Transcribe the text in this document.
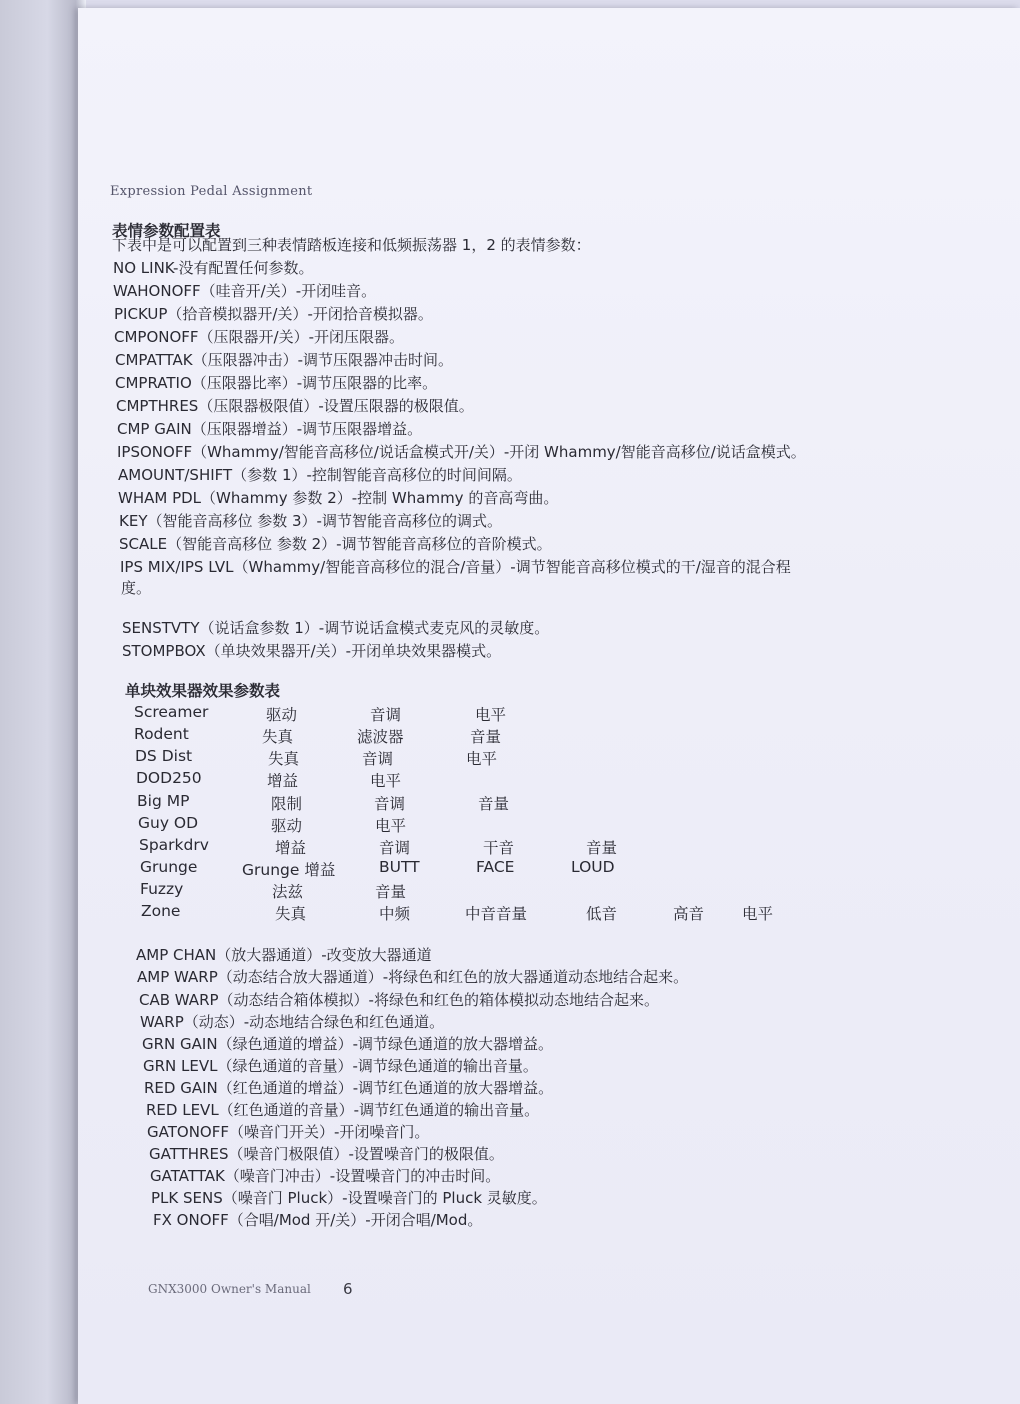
Expression Pedal Assignment
表情参数配置表
下表中是可以配置到三种表情踏板连接和低频振荡器 1，2 的表情参数：
NO LINK-没有配置任何参数。
WAHONOFF（哇音开/关）-开闭哇音。
PICKUP（拾音模拟器开/关）-开闭拾音模拟器。
CMPONOFF（压限器开/关）-开闭压限器。
CMPATTAK（压限器冲击）-调节压限器冲击时间。
CMPRATIO（压限器比率）-调节压限器的比率。
CMPTHRES（压限器极限值）-设置压限器的极限值。
CMP GAIN（压限器增益）-调节压限器增益。
IPSONOFF（Whammy/智能音高移位/说话盒模式开/关）-开闭 Whammy/智能音高移位/说话盒模式。
AMOUNT/SHIFT（参数 1）-控制智能音高移位的时间间隔。
WHAM PDL（Whammy 参数 2）-控制 Whammy 的音高弯曲。
KEY（智能音高移位 参数 3）-调节智能音高移位的调式。
SCALE（智能音高移位 参数 2）-调节智能音高移位的音阶模式。
IPS MIX/IPS LVL（Whammy/智能音高移位的混合/音量）-调节智能音高移位模式的干/湿音的混合程
度。
SENSTVTY（说话盒参数 1）-调节说话盒模式麦克风的灵敏度。
STOMPBOX（单块效果器开/关）-开闭单块效果器模式。
单块效果器效果参数表
Screamer	驱动	音调	电平
Rodent	失真	滤波器	音量
DS Dist	失真	音调	电平
DOD250	增益	电平
Big MP	限制	音调	音量
Guy OD	驱动	电平
Sparkdrv	增益	音调	干音	音量
Grunge	Grunge 增益	BUTT	FACE	LOUD
Fuzzy	法兹	音量
Zone	失真	中频	中音音量	低音	高音 电平
AMP CHAN（放大器通道）-改变放大器通道
AMP WARP（动态结合放大器通道）-将绿色和红色的放大器通道动态地结合起来。
CAB WARP（动态结合箱体模拟）-将绿色和红色的箱体模拟动态地结合起来。
WARP（动态）-动态地结合绿色和红色通道。
GRN GAIN（绿色通道的增益）-调节绿色通道的放大器增益。
GRN LEVL（绿色通道的音量）-调节绿色通道的输出音量。
RED GAIN（红色通道的增益）-调节红色通道的放大器增益。
RED LEVL（红色通道的音量）-调节红色通道的输出音量。
GATONOFF（噪音门开关）-开闭噪音门。
GATTHRES（噪音门极限值）-设置噪音门的极限值。
GATATTAK（噪音门冲击）-设置噪音门的冲击时间。
PLK SENS（噪音门 Pluck）-设置噪音门的 Pluck 灵敏度。
FX ONOFF（合唱/Mod 开/关）-开闭合唱/Mod。
GNX3000 Owner's Manual 6
